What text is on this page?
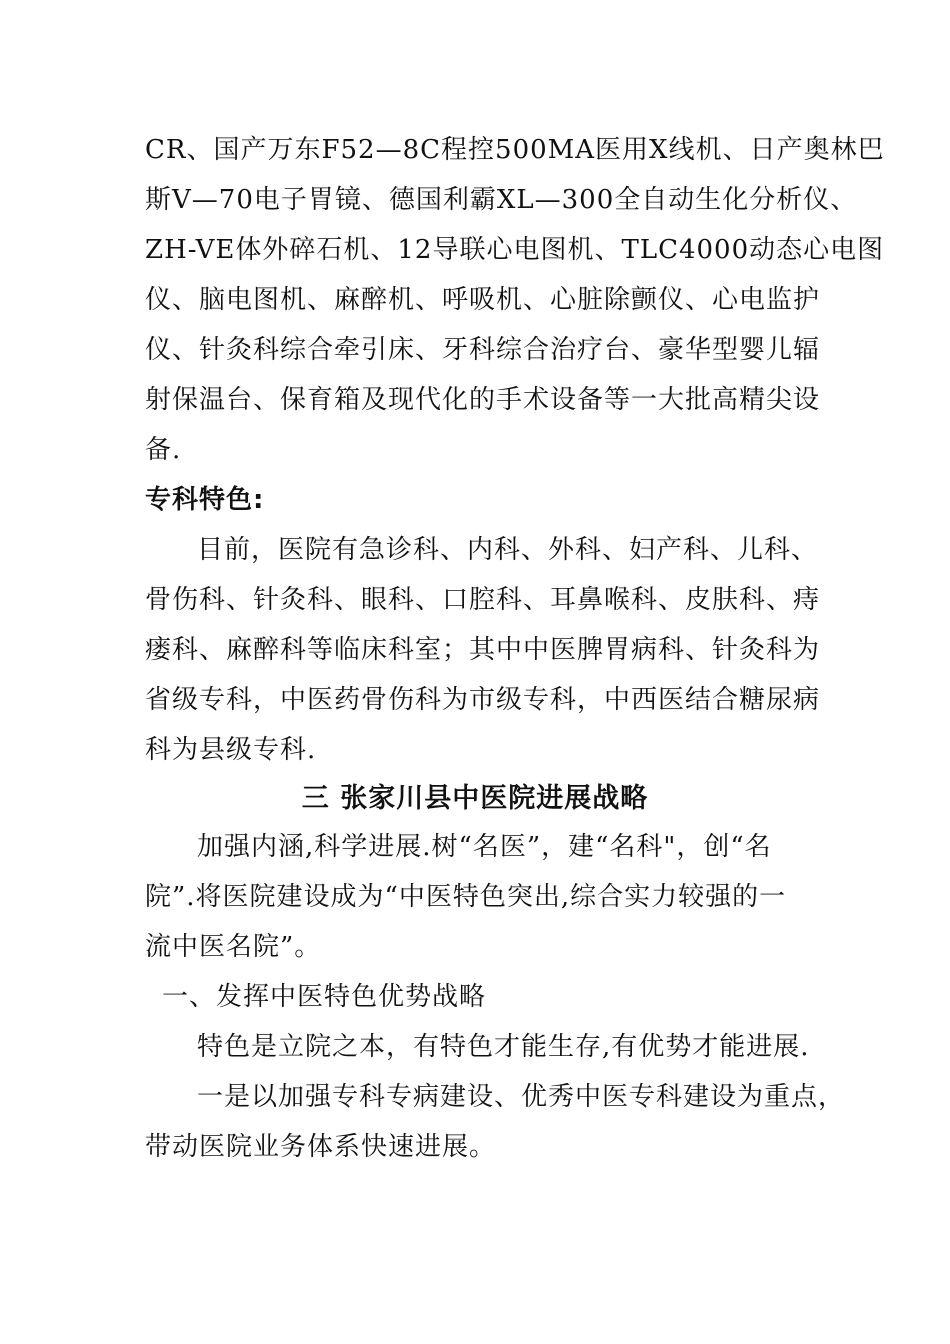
CR、国产万东F52—8C程控500MA医用X线机、日产奥林巴
斯V—70电子胃镜、德国利霸XL—300全自动生化分析仪、
ZH-VE体外碎石机、12导联心电图机、TLC4000动态心电图
仪、脑电图机、麻醉机、呼吸机、心脏除颤仪、心电监护
仪、针灸科综合牵引床、牙科综合治疗台、豪华型婴儿辐
射保温台、保育箱及现代化的手术设备等一大批高精尖设
备.
专科特色:
目前，医院有急诊科、内科、外科、妇产科、儿科、
骨伤科、针灸科、眼科、口腔科、耳鼻喉科、皮肤科、痔
瘘科、麻醉科等临床科室；其中中医脾胃病科、针灸科为
省级专科，中医药骨伤科为市级专科，中西医结合糖尿病
科为县级专科.
三 张家川县中医院进展战略
加强内涵,科学进展.树“名医”，建“名科"，创“名
院”.将医院建设成为“中医特色突出,综合实力较强的一
流中医名院”。
一、发挥中医特色优势战略
特色是立院之本，有特色才能生存,有优势才能进展.
一是以加强专科专病建设、优秀中医专科建设为重点，
带动医院业务体系快速进展。
